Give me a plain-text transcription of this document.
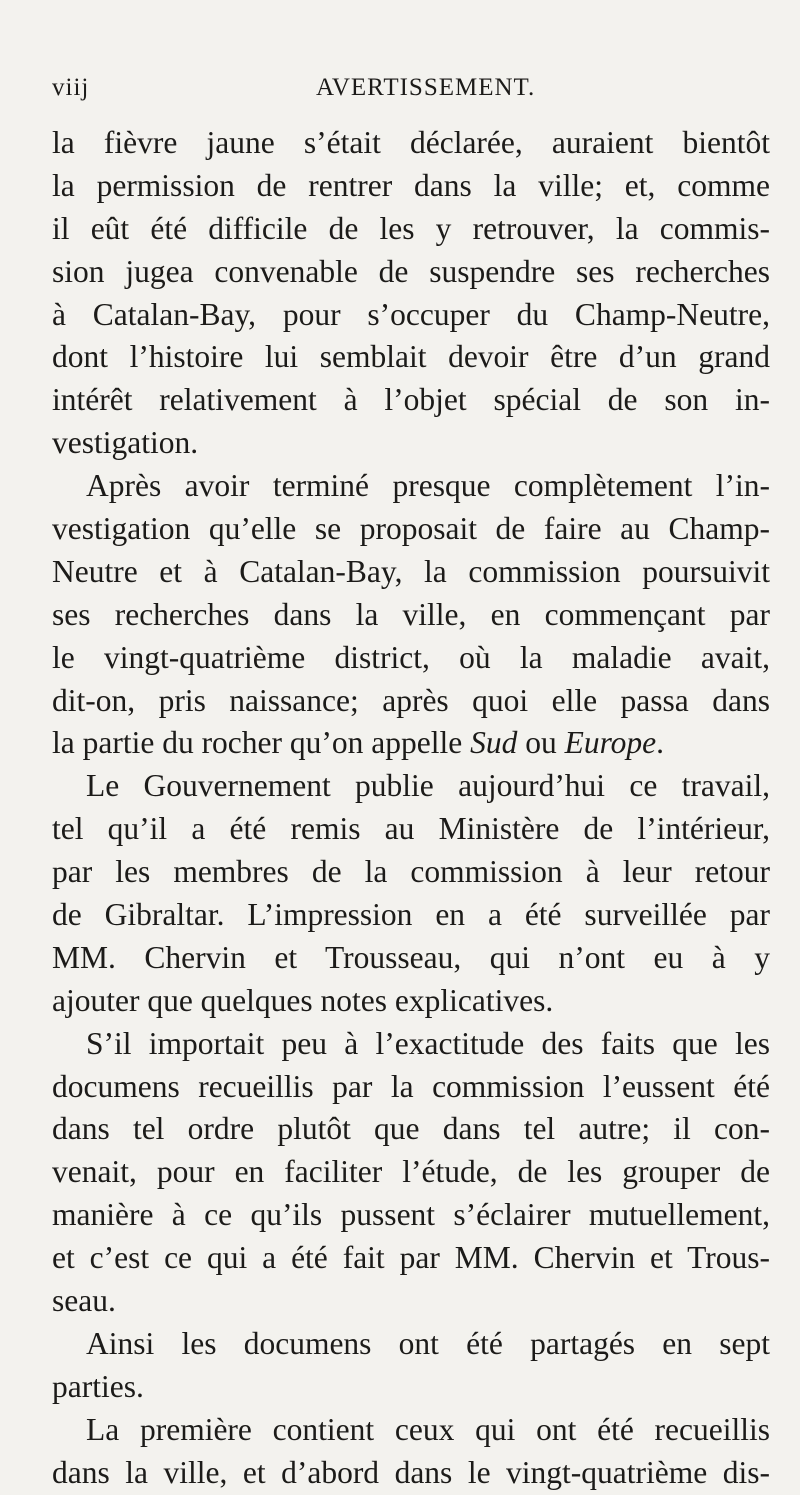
viij	AVERTISSEMENT.
la fièvre jaune s’était déclarée, auraient bientôt
la permission de rentrer dans la ville; et, comme
il eût été difficile de les y retrouver, la commis-
sion jugea convenable de suspendre ses recherches
à Catalan-Bay, pour s’occuper du Champ-Neutre,
dont l’histoire lui semblait devoir être d’un grand
intérêt relativement à l’objet spécial de son in-
vestigation.
Après avoir terminé presque complètement l’in-
vestigation qu’elle se proposait de faire au Champ-
Neutre et à Catalan-Bay, la commission poursuivit
ses recherches dans la ville, en commençant par
le vingt-quatrième district, où la maladie avait,
dit-on, pris naissance; après quoi elle passa dans
la partie du rocher qu’on appelle Sud ou Europe.
Le Gouvernement publie aujourd’hui ce travail,
tel qu’il a été remis au Ministère de l’intérieur,
par les membres de la commission à leur retour
de Gibraltar. L’impression en a été surveillée par
MM. Chervin et Trousseau, qui n’ont eu à y
ajouter que quelques notes explicatives.
S’il importait peu à l’exactitude des faits que les
documens recueillis par la commission l’eussent été
dans tel ordre plutôt que dans tel autre; il con-
venait, pour en faciliter l’étude, de les grouper de
manière à ce qu’ils pussent s’éclairer mutuellement,
et c’est ce qui a été fait par MM. Chervin et Trous-
seau.
Ainsi les documens ont été partagés en sept
parties.
La première contient ceux qui ont été recueillis
dans la ville, et d’abord dans le vingt-quatrième dis-
